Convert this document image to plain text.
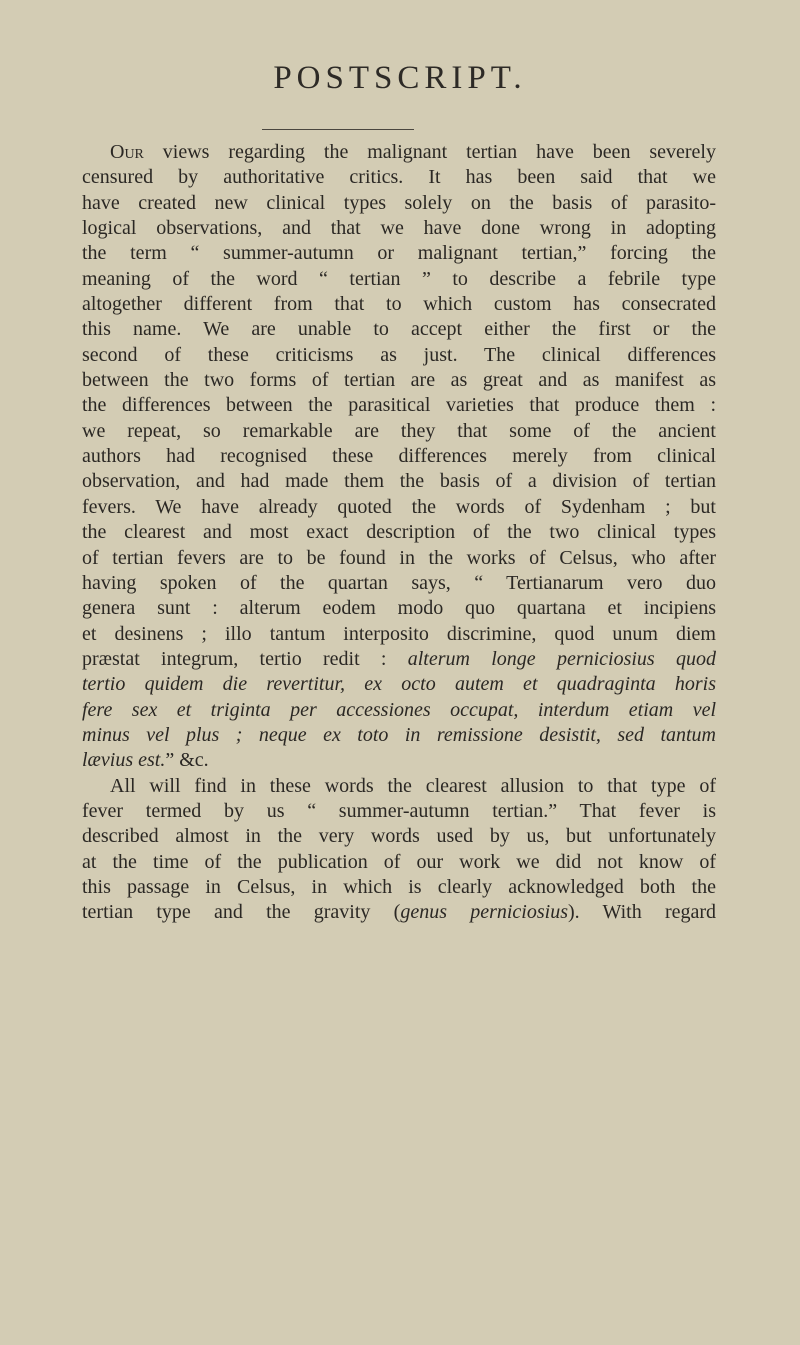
POSTSCRIPT.
Our views regarding the malignant tertian have been severely
censured by authoritative critics. It has been said that we
have created new clinical types solely on the basis of parasito-
logical observations, and that we have done wrong in adopting
the term “ summer-autumn or malignant tertian,” forcing the
meaning of the word “ tertian ” to describe a febrile type
altogether different from that to which custom has consecrated
this name. We are unable to accept either the first or the
second of these criticisms as just. The clinical differences
between the two forms of tertian are as great and as manifest as
the differences between the parasitical varieties that produce them :
we repeat, so remarkable are they that some of the ancient
authors had recognised these differences merely from clinical
observation, and had made them the basis of a division of tertian
fevers. We have already quoted the words of Sydenham ; but
the clearest and most exact description of the two clinical types
of tertian fevers are to be found in the works of Celsus, who after
having spoken of the quartan says, “ Tertianarum vero duo
genera sunt : alterum eodem modo quo quartana et incipiens
et desinens ; illo tantum interposito discrimine, quod unum diem
præstat integrum, tertio redit : alterum longe perniciosius quod
tertio quidem die revertitur, ex octo autem et quadraginta horis
fere sex et triginta per accessiones occupat, interdum etiam vel
minus vel plus ; neque ex toto in remissione desistit, sed tantum
lævius est.” &c.
All will find in these words the clearest allusion to that type of
fever termed by us “ summer-autumn tertian.” That fever is
described almost in the very words used by us, but unfortunately
at the time of the publication of our work we did not know of
this passage in Celsus, in which is clearly acknowledged both the
tertian type and the gravity (genus perniciosius). With regard
